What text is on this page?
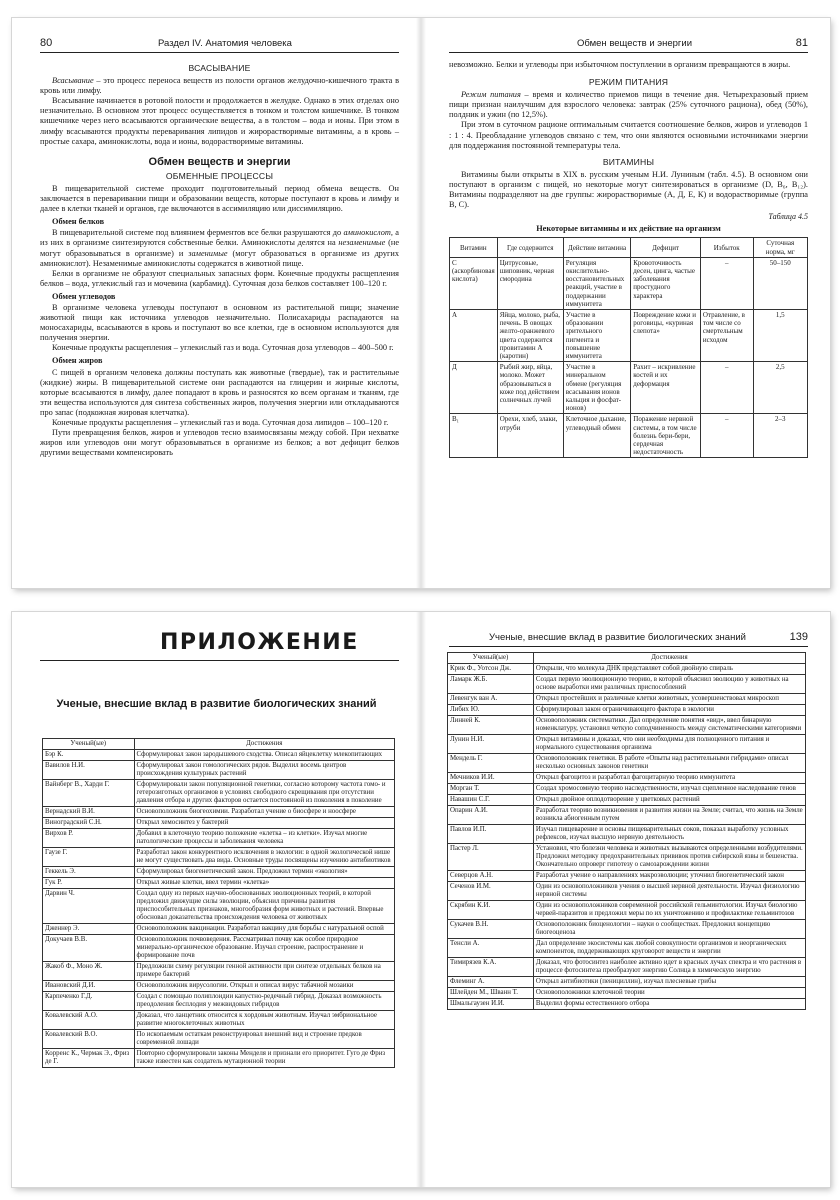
80	Раздел IV. Анатомия человека
ВСАСЫВАНИЕ

Всасывание – это процесс переноса веществ из полости органов желудочно-кишечного тракта в кровь или лимфу.

Всасывание начинается в ротовой полости и продолжается в желудке. Однако в этих отделах оно незначительно. В основном этот процесс осуществляется в тонком и толстом кишечнике. В тонком кишечнике через него всасываются органические вещества, а в толстом – вода и ионы. При этом в лимфу всасываются продукты переваривания липидов и жирорастворимые витамины, а в кровь – простые сахара, аминокислоты, вода и ионы, водорастворимые витамины.

Обмен веществ и энергии
ОБМЕННЫЕ ПРОЦЕССЫ

В пищеварительной системе проходит подготовительный период обмена веществ. Он заключается в переваривании пищи и образовании веществ, которые поступают в кровь и лимфу и далее в клетки тканей и органов, где включаются в ассимиляцию или диссимиляцию.

Обмен белков

В пищеварительной системе под влиянием ферментов все белки разрушаются до аминокислот, а из них в организме синтезируются собственные белки. Аминокислоты делятся на незаменимые (не могут образовываться в организме) и заменимые (могут образоваться в организме из других аминокислот). Незаменимые аминокислоты содержатся в животной пище.

Белки в организме не образуют специальных запасных форм. Конечные продукты расщепления белков – вода, углекислый газ и мочевина (карбамид). Суточная доза белков составляет 100–120 г.

Обмен углеводов

В организме человека углеводы поступают в основном из растительной пищи; значение животной пищи как источника углеводов незначительно. Полисахариды распадаются на моносахариды, всасываются в кровь и поступают во все клетки, где в основном используются для получения энергии.

Конечные продукты расщепления – углекислый газ и вода. Суточная доза углеводов – 400–500 г.

Обмен жиров

С пищей в организм человека должны поступать как животные (твердые), так и растительные (жидкие) жиры. В пищеварительной системе они распадаются на глицерин и жирные кислоты, которые всасываются в лимфу, далее попадают в кровь и разносятся ко всем органам и тканям, где эти вещества используются для синтеза собственных жиров, получения энергии или откладываются про запас (подкожная жировая клетчатка).

Конечные продукты расщепления – углекислый газ и вода. Суточная доза липидов – 100–120 г.

Пути превращения белков, жиров и углеводов тесно взаимосвязаны между собой. При нехватке жиров или углеводов они могут образовываться в организме из белков; а вот дефицит белков другими веществами компенсировать

Обмен веществ и энергии	81

невозможно. Белки и углеводы при избыточном поступлении в организм превращаются в жиры.

РЕЖИМ ПИТАНИЯ

Режим питания – время и количество приемов пищи в течение дня. Четырехразовый прием пищи признан наилучшим для взрослого человека: завтрак (25% суточного рациона), обед (50%), полдник и ужин (по 12,5%).

При этом в суточном рационе оптимальным считается соотношение белков, жиров и углеводов 1 : 1 : 4. Преобладание углеводов связано с тем, что они являются основными источниками энергии для поддержания постоянной температуры тела.

ВИТАМИНЫ

Витамины были открыты в XIX в. русским ученым Н.И. Луниным (табл. 4.5). В основном они поступают в организм с пищей, но некоторые могут синтезироваться в организме (D, B₆, B₁₂). Витамины подразделяют на две группы: жирорастворимые (A, Д, Е, К) и водорастворимые (группа B, C).

Таблица 4.5
Некоторые витамины и их действие на организм
Витамин	Где содержится	Действие витамина	Дефицит	Избыток	Суточная норма, мг
С (аскорбиновая кислота)	Цитрусовые, шиповник, черная смородина	Регуляция окислительно-восстановительных реакций, участие в поддержании иммунитета	Кровоточивость десен, цинга, частые заболевания простудного характера	–	50–150
А	Яйца, молоко, рыба, печень. В овощах желто-оранжевого цвета содержится провитамин А (каротин)	Участие в образовании зрительного пигмента и повышение иммунитета	Повреждение кожи и роговицы, «куриная слепота»	Отравление, в том числе со смертельным исходом	1,5
Д	Рыбий жир, яйца, молоко. Может образовываться в коже под действием солнечных лучей	Участие в минеральном обмене (регуляция всасывания ионов кальция и фосфат-ионов)	Рахит – искривление костей и их деформация	–	2,5
B₁	Орехи, хлеб, злаки, отруби	Клеточное дыхание, углеводный обмен	Поражение нервной системы, в том числе болезнь бери-бери, сердечная недостаточность	–	2–3
ПРИЛОЖЕНИЕ
Ученые, внесшие вклад в развитие биологических знаний
Ученый(ые)	Достижения
Бэр К.	Сформулировал закон зародышевого сходства. Описал яйцеклетку млекопитающих
Вавилов Н.И.	Сформулировал закон гомологических рядов. Выделил восемь центров происхождения культурных растений
Вайнберг В., Харди Г.	Сформулировали закон популяционной генетики, согласно которому частота гомо- и гетерозиготных организмов в условиях свободного скрещивания при отсутствии давления отбора и других факторов остается постоянной из поколения в поколение
Вернадский В.И.	Основоположник биогеохимии. Разработал учение о биосфере и ноосфере
Виноградский С.Н.	Открыл хемосинтез у бактерий
Вирхов Р.	Добавил в клеточную теорию положение «клетка – из клетки». Изучал многие патологические процессы и заболевания человека
Гаузе Г.	Разработал закон конкурентного исключения в экологии: в одной экологической нише не могут существовать два вида. Основные труды посвящены изучению антибиотиков
Геккель Э.	Сформулировал биогенетический закон. Предложил термин «экология»
Гук Р.	Открыл живые клетки, ввел термин «клетка»
Дарвин Ч.	Создал одну из первых научно-обоснованных эволюционных теорий, в которой предложил движущие силы эволюции, объяснил причины развития приспособительных признаков, многообразия форм животных и растений. Впервые обосновал доказательства происхождения человека от животных
Дженнер Э.	Основоположник вакцинации. Разработал вакцину для борьбы с натуральной оспой
Докучаев В.В.	Основоположник почвоведения. Рассматривал почву как особое природное минерально-органическое образование. Изучал строение, распространение и формирование почв
Жакоб Ф., Моно Ж.	Предложили схему регуляции генной активности при синтезе отдельных белков на примере бактерий
Ивановский Д.И.	Основоположник вирусологии. Открыл и описал вирус табачной мозаики
Карпеченко Г.Д.	Создал с помощью полиплоидии капустно-редечный гибрид. Доказал возможность преодоления бесплодия у межвидовых гибридов
Ковалевский А.О.	Доказал, что ланцетник относится к хордовым животным. Изучал эмбриональное развитие многоклеточных животных
Ковалевский В.О.	По ископаемым остаткам реконструировал внешний вид и строение предков современной лошади
Корренс К., Чермак Э., Фриз де Г.	Повторно сформулировали законы Менделя и признали его приоритет. Гуго де Фриз также известен как создатель мутационной теории
Ученые, внесшие вклад в развитие биологических знаний	139
Ученый(ые)	Достижения
Крик Ф., Уотсон Дж.	Открыли, что молекула ДНК представляет собой двойную спираль
Ламарк Ж.Б.	Создал первую эволюционную теорию, в которой объяснил эволюцию у животных на основе выработки ими различных приспособлений
Левенгук ван А.	Открыл простейших и различные клетки животных, усовершенствовал микроскоп
Либих Ю.	Сформулировал закон ограничивающего фактора в экологии
Линней К.	Основоположник систематики. Дал определение понятия «вид», ввел бинарную номенклатуру, установил четкую соподчиненность между систематическими категориями
Лунин Н.И.	Открыл витамины и доказал, что они необходимы для полноценного питания и нормального существования организма
Мендель Г.	Основоположник генетики. В работе «Опыты над растительными гибридами» описал несколько основных законов генетики
Мечников И.И.	Открыл фагоцитоз и разработал фагоцитарную теорию иммунитета
Морган Т.	Создал хромосомную теорию наследственности, изучал сцепленное наследование генов
Навашин С.Г.	Открыл двойное оплодотворение у цветковых растений
Опарин А.И.	Разработал теорию возникновения и развития жизни на Земле; считал, что жизнь на Земле возникла абиогенным путем
Павлов И.П.	Изучал пищеварение и основы пищеварительных соков, показал выработку условных рефлексов, изучал высшую нервную деятельность
Пастер Л.	Установил, что болезни человека и животных вызываются определенными возбудителями. Предложил методику предохранительных прививок против сибирской язвы и бешенства. Окончательно опроверг гипотезу о самозарождении жизни
Северцов А.Н.	Разработал учение о направлениях макроэволюции; уточнил биогенетический закон
Сеченов И.М.	Один из основоположников учения о высшей нервной деятельности. Изучал физиологию нервной системы
Скрябин К.И.	Один из основоположников современной российской гельминтологии. Изучал биологию червей-паразитов и предложил меры по их уничтожению и профилактике гельминтозов
Сукачев В.Н.	Основоположник биоценологии – науки о сообществах. Предложил концепцию биогеоценоза
Тенсли А.	Дал определение экосистемы как любой совокупности организмов и неорганических компонентов, поддерживающих круговорот веществ и энергии
Тимирязев К.А.	Доказал, что фотосинтез наиболее активно идет в красных лучах спектра и что растения в процессе фотосинтеза преобразуют энергию Солнца в химическую энергию
Флеминг А.	Открыл антибиотики (пенициллин), изучал плесневые грибы
Шлейден М., Шванн Т.	Основоположники клеточной теории
Шмальгаузен И.И.	Выделил формы естественного отбора
